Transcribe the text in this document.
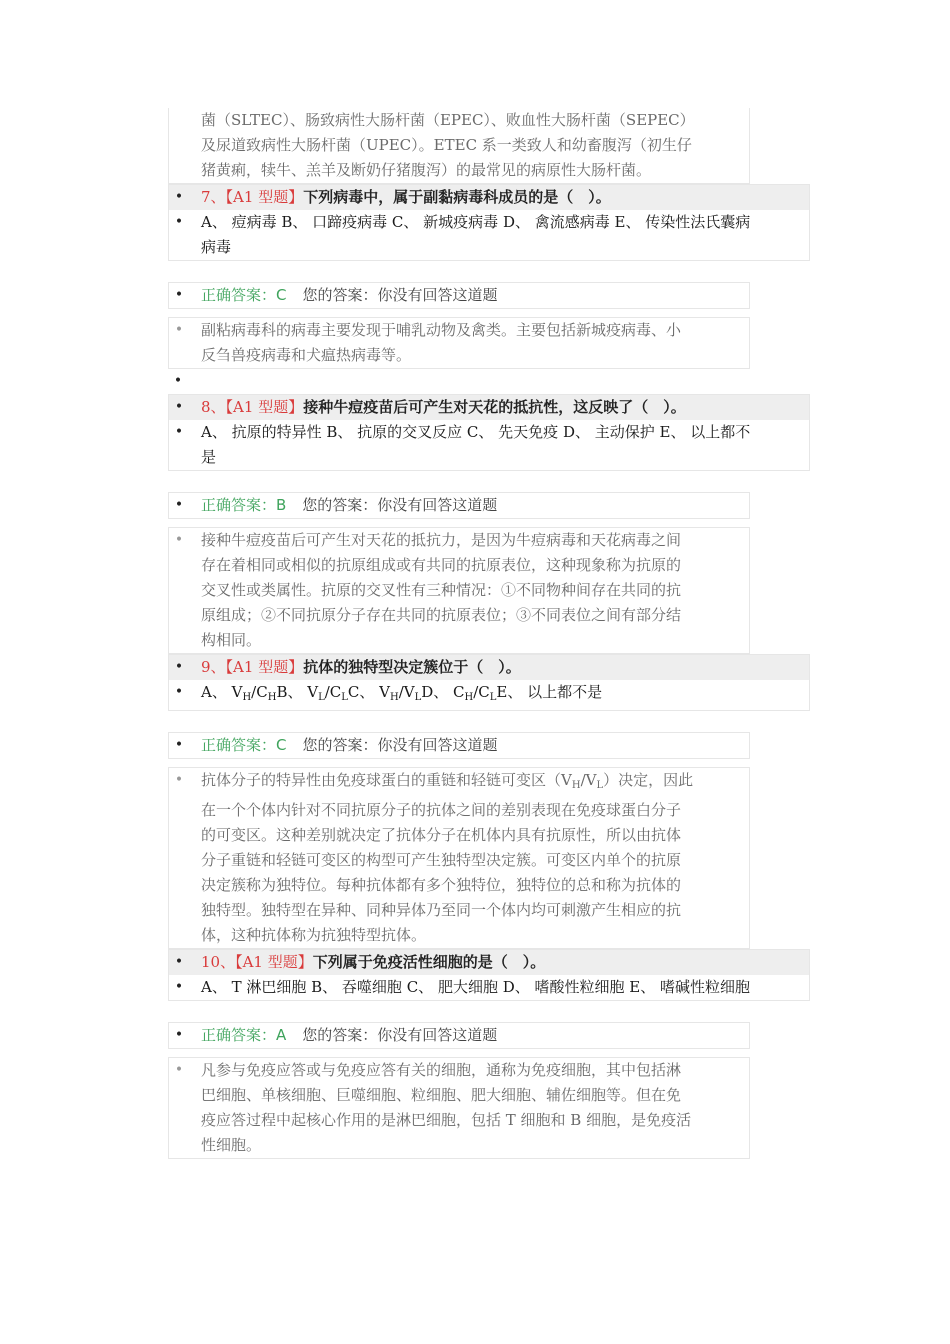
菌（SLTEC）、肠致病性大肠杆菌（EPEC）、败血性大肠杆菌（SEPEC）
及尿道致病性大肠杆菌（UPEC）。ETEC 系一类致人和幼畜腹泻（初生仔
猪黄痢，犊牛、羔羊及断奶仔猪腹泻）的最常见的病原性大肠杆菌。
• 7、【A1 型题】下列病毒中，属于副黏病毒科成员的是（　）。
• A、 痘病毒 B、 口蹄疫病毒 C、 新城疫病毒 D、 禽流感病毒 E、 传染性法氏囊病
病毒
• 正确答案：C 您的答案：你没有回答这道题
• 副粘病毒科的病毒主要发现于哺乳动物及禽类。主要包括新城疫病毒、小
反刍兽疫病毒和犬瘟热病毒等。
•
• 8、【A1 型题】接种牛痘疫苗后可产生对天花的抵抗性，这反映了（　）。
• A、 抗原的特异性 B、 抗原的交叉反应 C、 先天免疫 D、 主动保护 E、 以上都不
是
• 正确答案：B 您的答案：你没有回答这道题
• 接种牛痘疫苗后可产生对天花的抵抗力，是因为牛痘病毒和天花病毒之间
存在着相同或相似的抗原组成或有共同的抗原表位，这种现象称为抗原的
交叉性或类属性。抗原的交叉性有三种情况：①不同物种间存在共同的抗
原组成；②不同抗原分子存在共同的抗原表位；③不同表位之间有部分结
构相同。
• 9、【A1 型题】抗体的独特型决定簇位于（　）。
• A、 $V_H/C_HB$、 $V_L/C_LC$、 $V_H/V_LD$、 $C_H/C_LE$、 以上都不是
• 正确答案：C 您的答案：你没有回答这道题
• 抗体分子的特异性由免疫球蛋白的重链和轻链可变区$(V_H/V_L)$决定，因此
在一个个体内针对不同抗原分子的抗体之间的差别表现在免疫球蛋白分子
的可变区。这种差别就决定了抗体分子在机体内具有抗原性，所以由抗体
分子重链和轻链可变区的构型可产生独特型决定簇。可变区内单个的抗原
决定簇称为独特位。每种抗体都有多个独特位，独特位的总和称为抗体的
独特型。独特型在异种、同种异体乃至同一个体内均可刺激产生相应的抗
体，这种抗体称为抗独特型抗体。
• 10、【A1 型题】下列属于免疫活性细胞的是（　）。
• A、 T 淋巴细胞 B、 吞噬细胞 C、 肥大细胞 D、 嗜酸性粒细胞 E、 嗜碱性粒细胞
• 正确答案：A 您的答案：你没有回答这道题
• 凡参与免疫应答或与免疫应答有关的细胞，通称为免疫细胞，其中包括淋
巴细胞、单核细胞、巨噬细胞、粒细胞、肥大细胞、辅佐细胞等。但在免
疫应答过程中起核心作用的是淋巴细胞，包括 T 细胞和 B 细胞，是免疫活
性细胞。
